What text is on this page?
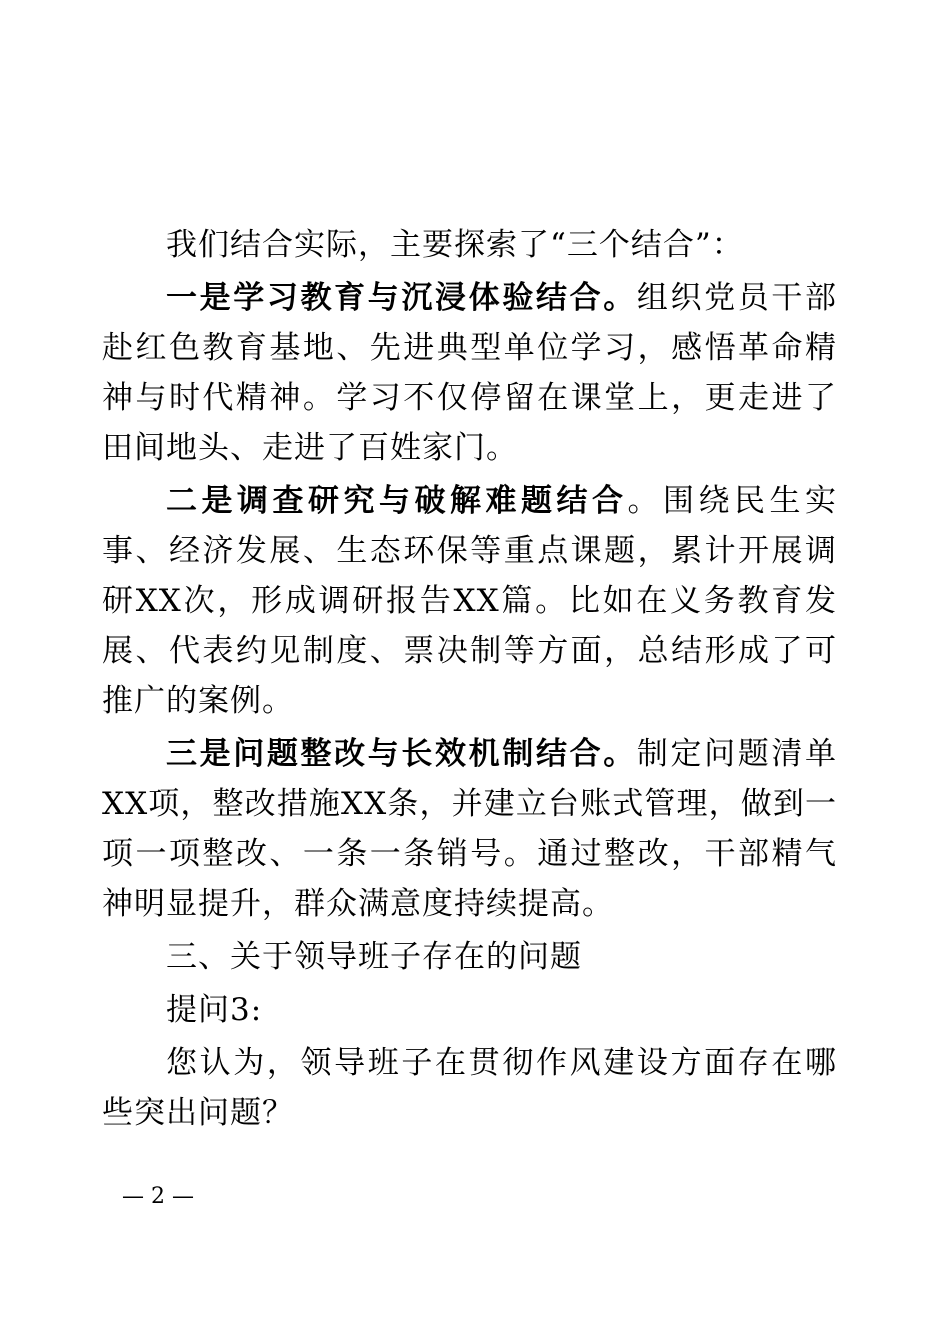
我们结合实际，主要探索了“三个结合”：

一是学习教育与沉浸体验结合。组织党员干部赴红色教育基地、先进典型单位学习，感悟革命精神与时代精神。学习不仅停留在课堂上，更走进了田间地头、走进了百姓家门。

二是调查研究与破解难题结合。围绕民生实事、经济发展、生态环保等重点课题，累计开展调研XX次，形成调研报告XX篇。比如在义务教育发展、代表约见制度、票决制等方面，总结形成了可推广的案例。

三是问题整改与长效机制结合。制定问题清单XX项，整改措施XX条，并建立台账式管理，做到一项一项整改、一条一条销号。通过整改，干部精气神明显提升，群众满意度持续提高。

三、关于领导班子存在的问题

提问3:

您认为，领导班子在贯彻作风建设方面存在哪些突出问题？

— 2 —
